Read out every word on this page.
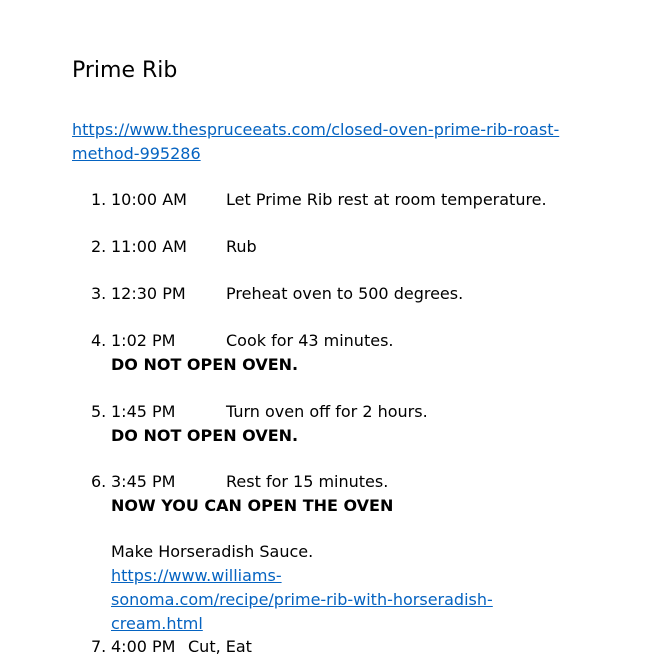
Prime Rib
https://www.thespruceeats.com/closed-oven-prime-rib-roast-
method-995286
1. 10:00 AM Let Prime Rib rest at room temperature.
2. 11:00 AM Rub
3. 12:30 PM	Preheat oven to 500 degrees.
4. 1:02 PM	Cook for 43 minutes.
DO NOT OPEN OVEN.
5. 1:45 PM	Turn oven off for 2 hours.
DO NOT OPEN OVEN.
6. 3:45 PM	Rest for 15 minutes.
NOW YOU CAN OPEN THE OVEN
Make Horseradish Sauce.
https://www.williams-
sonoma.com/recipe/prime-rib-with-horseradish-
cream.html
7. 4:00 PM Cut, Eat
